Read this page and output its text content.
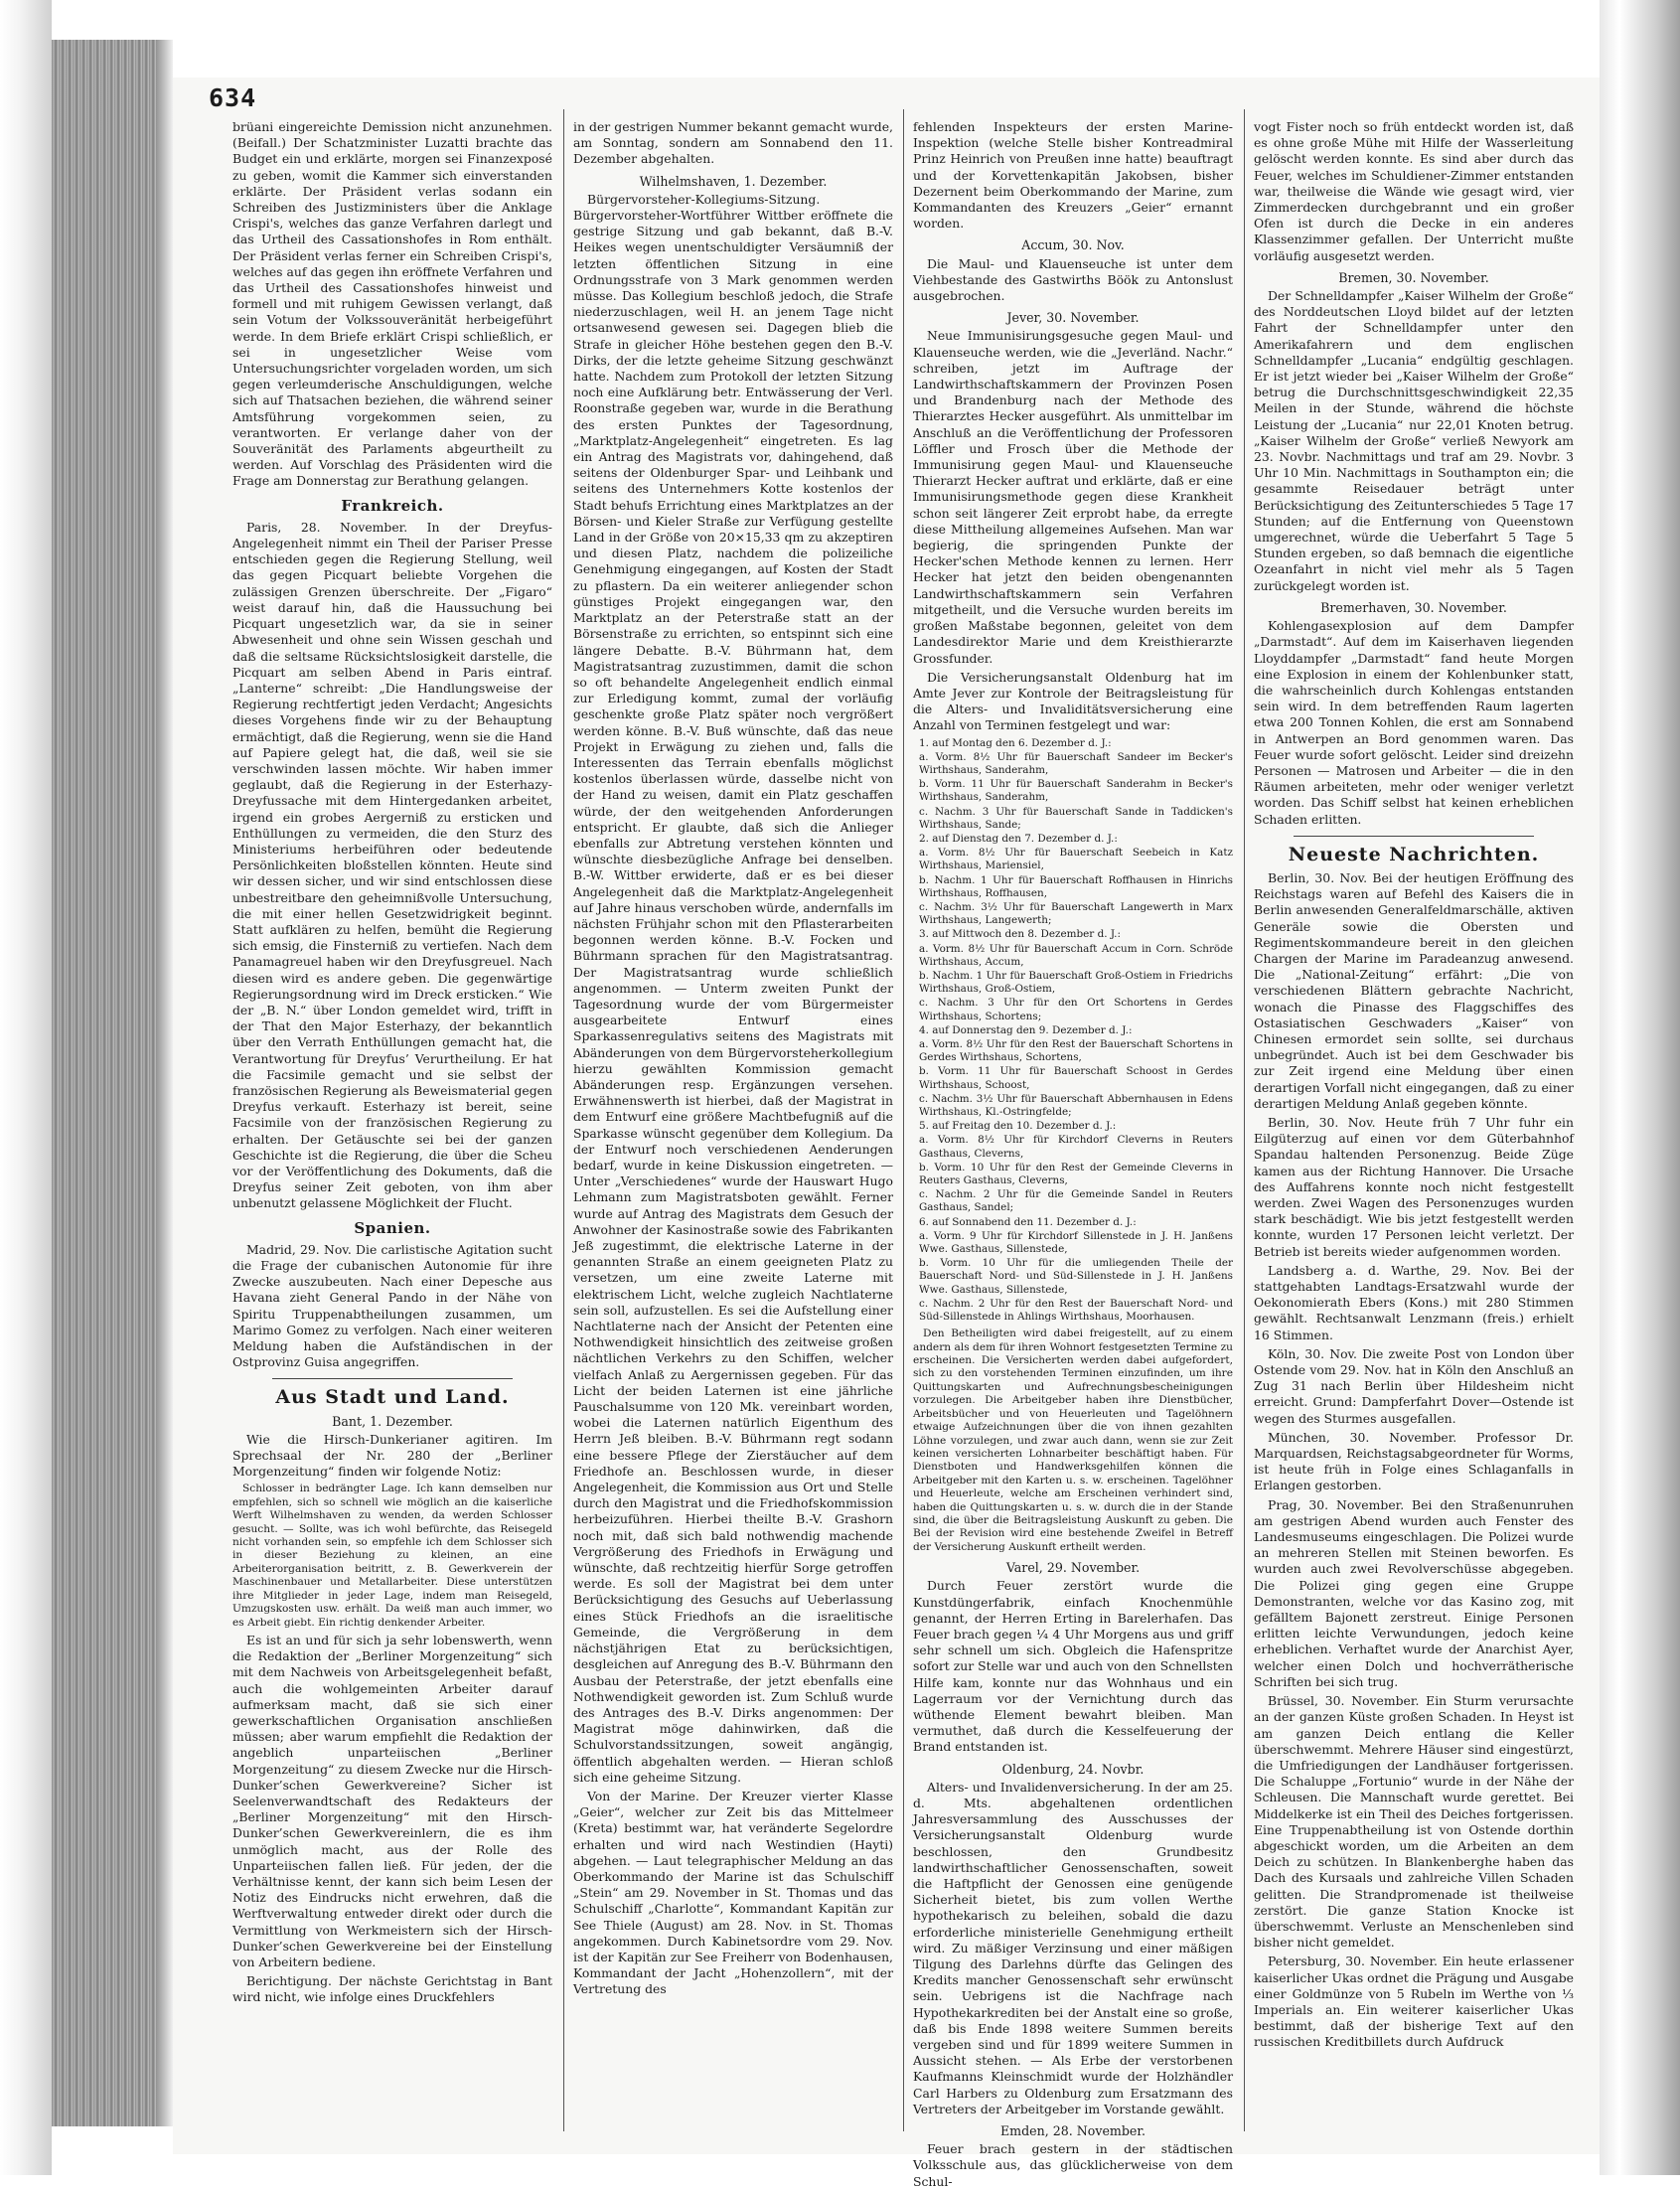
634

brüani eingereichte Demission nicht anzunehmen. (Beifall.) Der Schatzminister Luzatti brachte das Budget ein und erklärte, morgen sei Finanzexposé zu geben, womit die Kammer sich einverstanden erklärte. Der Präsident verlas sodann ein Schreiben des Justizministers über die Anklage Crispi's, welches das ganze Verfahren darlegt und das Urtheil des Cassationshofes in Rom enthält. Der Präsident verlas ferner ein Schreiben Crispi's, welches auf das gegen ihn eröffnete Verfahren und das Urtheil des Cassationshofes hinweist und formell und mit ruhigem Gewissen verlangt, daß sein Votum der Volkssouveränität herbeigeführt werde. In dem Briefe erklärt Crispi schließlich, er sei in ungesetzlicher Weise vom Untersuchungsrichter vorgeladen worden, um sich gegen verleumderische Anschuldigungen, welche sich auf Thatsachen beziehen, die während seiner Amtsführung vorgekommen seien, zu verantworten. Er verlange daher von der Souveränität des Parlaments abgeurtheilt zu werden. Auf Vorschlag des Präsidenten wird die Frage am Donnerstag zur Berathung gelangen.

Frankreich.

Paris, 28. November. In der Dreyfus-Angelegenheit nimmt ein Theil der Pariser Presse entschieden gegen die Regierung Stellung, weil das gegen Picquart beliebte Vorgehen die zulässigen Grenzen überschreite. Der „Figaro“ weist darauf hin, daß die Haussuchung bei Picquart ungesetzlich war, da sie in seiner Abwesenheit und ohne sein Wissen geschah und daß die seltsame Rücksichtslosigkeit darstelle, die Picquart am selben Abend in Paris eintraf. „Lanterne“ schreibt: „Die Handlungsweise der Regierung rechtfertigt jeden Verdacht; Angesichts dieses Vorgehens finde wir zu der Behauptung ermächtigt, daß die Regierung, wenn sie die Hand auf Papiere gelegt hat, die daß, weil sie sie verschwinden lassen möchte. Wir haben immer geglaubt, daß die Regierung in der Esterhazy-Dreyfussache mit dem Hintergedanken arbeitet, irgend ein grobes Aergerniß zu ersticken und Enthüllungen zu vermeiden, die den Sturz des Ministeriums herbeiführen oder bedeutende Persönlichkeiten bloßstellen könnten. Heute sind wir dessen sicher, und wir sind entschlossen diese unbestreitbare den geheimnißvolle Untersuchung, die mit einer hellen Gesetzwidrigkeit beginnt. Statt aufklären zu helfen, bemüht die Regierung sich emsig, die Finsterniß zu vertiefen. Nach dem Panamagreuel haben wir den Dreyfusgreuel. Nach diesen wird es andere geben. Die gegenwärtige Regierungsordnung wird im Dreck ersticken.“ Wie der „B. N.“ über London gemeldet wird, trifft in der That den Major Esterhazy, der bekanntlich über den Verrath Enthüllungen gemacht hat, die Verantwortung für Dreyfus’ Verurtheilung. Er hat die Facsimile gemacht und sie selbst der französischen Regierung als Beweismaterial gegen Dreyfus verkauft. Esterhazy ist bereit, seine Facsimile von der französischen Regierung zu erhalten. Der Getäuschte sei bei der ganzen Geschichte ist die Regierung, die über die Scheu vor der Veröffentlichung des Dokuments, daß die Dreyfus seiner Zeit geboten, von ihm aber unbenutzt gelassene Möglichkeit der Flucht.

Spanien.

Madrid, 29. Nov. Die carlistische Agitation sucht die Frage der cubanischen Autonomie für ihre Zwecke auszubeuten. Nach einer Depesche aus Havana zieht General Pando in der Nähe von Spiritu Truppenabtheilungen zusammen, um Marimo Gomez zu verfolgen. Nach einer weiteren Meldung haben die Aufständischen in der Ostprovinz Guisa angegriffen.

Aus Stadt und Land.
Bant, 1. Dezember.

Wie die Hirsch-Dunkerianer agitiren. Im Sprechsaal der Nr. 280 der „Berliner Morgenzeitung“ finden wir folgende Notiz:

Schlosser in bedrängter Lage. Ich kann demselben nur empfehlen, sich so schnell wie möglich an die kaiserliche Werft Wilhelmshaven zu wenden, da werden Schlosser gesucht. — Sollte, was ich wohl befürchte, das Reisegeld nicht vorhanden sein, so empfehle ich dem Schlosser sich in dieser Beziehung zu kleinen, an eine Arbeiterorganisation beitritt, z. B. Gewerkverein der Maschinenbauer und Metallarbeiter. Diese unterstützen ihre Mitglieder in jeder Lage, indem man Reisegeld, Umzugskosten usw. erhält. Da weiß man auch immer, wo es Arbeit giebt. Ein richtig denkender Arbeiter.

Es ist an und für sich ja sehr lobenswerth, wenn die Redaktion der „Berliner Morgenzeitung“ sich mit dem Nachweis von Arbeitsgelegenheit befaßt, auch die wohlgemeinten Arbeiter darauf aufmerksam macht, daß sie sich einer gewerkschaftlichen Organisation anschließen müssen; aber warum empfiehlt die Redaktion der angeblich unparteiischen „Berliner Morgenzeitung“ zu diesem Zwecke nur die Hirsch-Dunker’schen Gewerkvereine? Sicher ist Seelenverwandtschaft des Redakteurs der „Berliner Morgenzeitung“ mit den Hirsch-Dunker’schen Gewerkvereinlern, die es ihm unmöglich macht, aus der Rolle des Unparteiischen fallen ließ. Für jeden, der die Verhältnisse kennt, der kann sich beim Lesen der Notiz des Eindrucks nicht erwehren, daß die Werftverwaltung entweder direkt oder durch die Vermittlung von Werkmeistern sich der Hirsch-Dunker’schen Gewerkvereine bei der Einstellung von Arbeitern bediene.

Berichtigung. Der nächste Gerichtstag in Bant wird nicht, wie infolge eines Druckfehlers

in der gestrigen Nummer bekannt gemacht wurde, am Sonntag, sondern am Sonnabend den 11. Dezember abgehalten.

Wilhelmshaven, 1. Dezember.

Bürgervorsteher-Kollegiums-Sitzung. Bürgervorsteher-Wortführer Wittber eröffnete die gestrige Sitzung und gab bekannt, daß B.-V. Heikes wegen unentschuldigter Versäumniß der letzten öffentlichen Sitzung in eine Ordnungsstrafe von 3 Mark genommen werden müsse. Das Kollegium beschloß jedoch, die Strafe niederzuschlagen, weil H. an jenem Tage nicht ortsanwesend gewesen sei. Dagegen blieb die Strafe in gleicher Höhe bestehen gegen den B.-V. Dirks, der die letzte geheime Sitzung geschwänzt hatte. Nachdem zum Protokoll der letzten Sitzung noch eine Aufklärung betr. Entwässerung der Verl. Roonstraße gegeben war, wurde in die Berathung des ersten Punktes der Tagesordnung, „Marktplatz-Angelegenheit“ eingetreten. Es lag ein Antrag des Magistrats vor, dahingehend, daß seitens der Oldenburger Spar- und Leihbank und seitens des Unternehmers Kotte kostenlos der Stadt behufs Errichtung eines Marktplatzes an der Börsen- und Kieler Straße zur Verfügung gestellte Land in der Größe von 20×15,33 qm zu akzeptiren und diesen Platz, nachdem die polizeiliche Genehmigung eingegangen, auf Kosten der Stadt zu pflastern. Da ein weiterer anliegender schon günstiges Projekt eingegangen war, den Marktplatz an der Peterstraße statt an der Börsenstraße zu errichten, so entspinnt sich eine längere Debatte. B.-V. Bührmann hat, dem Magistratsantrag zuzustimmen, damit die schon so oft behandelte Angelegenheit endlich einmal zur Erledigung kommt, zumal der vorläufig geschenkte große Platz später noch vergrößert werden könne. B.-V. Buß wünschte, daß das neue Projekt in Erwägung zu ziehen und, falls die Interessenten das Terrain ebenfalls möglichst kostenlos überlassen würde, dasselbe nicht von der Hand zu weisen, damit ein Platz geschaffen würde, der den weitgehenden Anforderungen entspricht. Er glaubte, daß sich die Anlieger ebenfalls zur Abtretung verstehen könnten und wünschte diesbezügliche Anfrage bei denselben. B.-W. Wittber erwiderte, daß er es bei dieser Angelegenheit daß die Marktplatz-Angelegenheit auf Jahre hinaus verschoben würde, andernfalls im nächsten Frühjahr schon mit den Pflasterarbeiten begonnen werden könne. B.-V. Focken und Bührmann sprachen für den Magistratsantrag. Der Magistratsantrag wurde schließlich angenommen. — Unterm zweiten Punkt der Tagesordnung wurde der vom Bürgermeister ausgearbeitete Entwurf eines Sparkassenregulativs seitens des Magistrats mit Abänderungen von dem Bürgervorsteherkollegium hierzu gewählten Kommission gemacht Abänderungen resp. Ergänzungen versehen. Erwähnenswerth ist hierbei, daß der Magistrat in dem Entwurf eine größere Machtbefugniß auf die Sparkasse wünscht gegenüber dem Kollegium. Da der Entwurf noch verschiedenen Aenderungen bedarf, wurde in keine Diskussion eingetreten. — Unter „Verschiedenes“ wurde der Hauswart Hugo Lehmann zum Magistratsboten gewählt. Ferner wurde auf Antrag des Magistrats dem Gesuch der Anwohner der Kasinostraße sowie des Fabrikanten Jeß zugestimmt, die elektrische Laterne in der genannten Straße an einem geeigneten Platz zu versetzen, um eine zweite Laterne mit elektrischem Licht, welche zugleich Nachtlaterne sein soll, aufzustellen. Es sei die Aufstellung einer Nachtlaterne nach der Ansicht der Petenten eine Nothwendigkeit hinsichtlich des zeitweise großen nächtlichen Verkehrs zu den Schiffen, welcher vielfach Anlaß zu Aergernissen gegeben. Für das Licht der beiden Laternen ist eine jährliche Pauschalsumme von 120 Mk. vereinbart worden, wobei die Laternen natürlich Eigenthum des Herrn Jeß bleiben. B.-V. Bührmann regt sodann eine bessere Pflege der Zierstäucher auf dem Friedhofe an. Beschlossen wurde, in dieser Angelegenheit, die Kommission aus Ort und Stelle durch den Magistrat und die Friedhofskommission herbeizuführen. Hierbei theilte B.-V. Grashorn noch mit, daß sich bald nothwendig machende Vergrößerung des Friedhofs in Erwägung und wünschte, daß rechtzeitig hierfür Sorge getroffen werde. Es soll der Magistrat bei dem unter Berücksichtigung des Gesuchs auf Ueberlassung eines Stück Friedhofs an die israelitische Gemeinde, die Vergrößerung in dem nächstjährigen Etat zu berücksichtigen, desgleichen auf Anregung des B.-V. Bührmann den Ausbau der Peterstraße, der jetzt ebenfalls eine Nothwendigkeit geworden ist. Zum Schluß wurde des Antrages des B.-V. Dirks angenommen: Der Magistrat möge dahinwirken, daß die Schulvorstandssitzungen, soweit angängig, öffentlich abgehalten werden. — Hieran schloß sich eine geheime Sitzung.

Von der Marine. Der Kreuzer vierter Klasse „Geier“, welcher zur Zeit bis das Mittelmeer (Kreta) bestimmt war, hat veränderte Segelordre erhalten und wird nach Westindien (Hayti) abgehen. — Laut telegraphischer Meldung an das Oberkommando der Marine ist das Schulschiff „Stein“ am 29. November in St. Thomas und das Schulschiff „Charlotte“, Kommandant Kapitän zur See Thiele (August) am 28. Nov. in St. Thomas angekommen. Durch Kabinetsordre vom 29. Nov. ist der Kapitän zur See Freiherr von Bodenhausen, Kommandant der Jacht „Hohenzollern“, mit der Vertretung des

fehlenden Inspekteurs der ersten Marine-Inspektion (welche Stelle bisher Kontreadmiral Prinz Heinrich von Preußen inne hatte) beauftragt und der Korvettenkapitän Jakobsen, bisher Dezernent beim Oberkommando der Marine, zum Kommandanten des Kreuzers „Geier“ ernannt worden.

Accum, 30. Nov.

Die Maul- und Klauenseuche ist unter dem Viehbestande des Gastwirths Böök zu Antonslust ausgebrochen.

Jever, 30. November.

Neue Immunisirungsgesuche gegen Maul- und Klauenseuche werden, wie die „Jeverländ. Nachr.“ schreiben, jetzt im Auftrage der Landwirthschaftskammern der Provinzen Posen und Brandenburg nach der Methode des Thierarztes Hecker ausgeführt. Als unmittelbar im Anschluß an die Veröffentlichung der Professoren Löffler und Frosch über die Methode der Immunisirung gegen Maul- und Klauenseuche Thierarzt Hecker auftrat und erklärte, daß er eine Immunisirungsmethode gegen diese Krankheit schon seit längerer Zeit erprobt habe, da erregte diese Mittheilung allgemeines Aufsehen. Man war begierig, die springenden Punkte der Hecker'schen Methode kennen zu lernen. Herr Hecker hat jetzt den beiden obengenannten Landwirthschaftskammern sein Verfahren mitgetheilt, und die Versuche wurden bereits im großen Maßstabe begonnen, geleitet von dem Landesdirektor Marie und dem Kreisthierarzte Grossfunder.

Die Versicherungsanstalt Oldenburg hat im Amte Jever zur Kontrole der Beitragsleistung für die Alters- und Invaliditätsversicherung eine Anzahl von Terminen festgelegt und war:

1. auf Montag den 6. Dezember d. J.:
a. Vorm. 8½ Uhr für Bauerschaft Sandeer im Becker's Wirthshaus, Sanderahm,
b. Vorm. 11 Uhr für Bauerschaft Sanderahm in Becker's Wirthshaus, Sanderahm,
c. Nachm. 3 Uhr für Bauerschaft Sande in Taddicken's Wirthshaus, Sande;
2. auf Dienstag den 7. Dezember d. J.:
a. Vorm. 8½ Uhr für Bauerschaft Seebeich in Katz Wirthshaus, Mariensiel,
b. Nachm. 1 Uhr für Bauerschaft Roffhausen in Hinrichs Wirthshaus, Roffhausen,
c. Nachm. 3½ Uhr für Bauerschaft Langewerth in Marx Wirthshaus, Langewerth;
3. auf Mittwoch den 8. Dezember d. J.:
a. Vorm. 8½ Uhr für Bauerschaft Accum in Corn. Schröde Wirthshaus, Accum,
b. Nachm. 1 Uhr für Bauerschaft Groß-Ostiem in Friedrichs Wirthshaus, Groß-Ostiem,
c. Nachm. 3 Uhr für den Ort Schortens in Gerdes Wirthshaus, Schortens;
4. auf Donnerstag den 9. Dezember d. J.:
a. Vorm. 8½ Uhr für den Rest der Bauerschaft Schortens in Gerdes Wirthshaus, Schortens,
b. Vorm. 11 Uhr für Bauerschaft Schoost in Gerdes Wirthshaus, Schoost,
c. Nachm. 3½ Uhr für Bauerschaft Abbernhausen in Edens Wirthshaus, Kl.-Ostringfelde;
5. auf Freitag den 10. Dezember d. J.:
a. Vorm. 8½ Uhr für Kirchdorf Cleverns in Reuters Gasthaus, Cleverns,
b. Vorm. 10 Uhr für den Rest der Gemeinde Cleverns in Reuters Gasthaus, Cleverns,
c. Nachm. 2 Uhr für die Gemeinde Sandel in Reuters Gasthaus, Sandel;
6. auf Sonnabend den 11. Dezember d. J.:
a. Vorm. 9 Uhr für Kirchdorf Sillenstede in J. H. Janßens Wwe. Gasthaus, Sillenstede,
b. Vorm. 10 Uhr für die umliegenden Theile der Bauerschaft Nord- und Süd-Sillenstede in J. H. Janßens Wwe. Gasthaus, Sillenstede,
c. Nachm. 2 Uhr für den Rest der Bauerschaft Nord- und Süd-Sillenstede in Ahlings Wirthshaus, Moorhausen.

Den Betheiligten wird dabei freigestellt, auf zu einem andern als dem für ihren Wohnort festgesetzten Termine zu erscheinen. Die Versicherten werden dabei aufgefordert, sich zu den vorstehenden Terminen einzufinden, um ihre Quittungskarten und Aufrechnungsbescheinigungen vorzulegen. Die Arbeitgeber haben ihre Dienstbücher, Arbeitsbücher und von Heuerleuten und Tagelöhnern etwaige Aufzeichnungen über die von ihnen gezahlten Löhne vorzulegen, und zwar auch dann, wenn sie zur Zeit keinen versicherten Lohnarbeiter beschäftigt haben. Für Dienstboten und Handwerksgehilfen können die Arbeitgeber mit den Karten u. s. w. erscheinen. Tagelöhner und Heuerleute, welche am Erscheinen verhindert sind, haben die Quittungskarten u. s. w. durch die in der Stande sind, die über die Beitragsleistung Auskunft zu geben. Die Bei der Revision wird eine bestehende Zweifel in Betreff der Versicherung Auskunft ertheilt werden.

Varel, 29. November.

Durch Feuer zerstört wurde die Kunstdüngerfabrik, einfach Knochenmühle genannt, der Herren Erting in Barelerhafen. Das Feuer brach gegen ¼ 4 Uhr Morgens aus und griff sehr schnell um sich. Obgleich die Hafenspritze sofort zur Stelle war und auch von den Schnellsten Hilfe kam, konnte nur das Wohnhaus und ein Lagerraum vor der Vernichtung durch das wüthende Element bewahrt bleiben. Man vermuthet, daß durch die Kesselfeuerung der Brand entstanden ist.

Oldenburg, 24. Novbr.

Alters- und Invalidenversicherung. In der am 25. d. Mts. abgehaltenen ordentlichen Jahresversammlung des Ausschusses der Versicherungsanstalt Oldenburg wurde beschlossen, den Grundbesitz landwirthschaftlicher Genossenschaften, soweit die Haftpflicht der Genossen eine genügende Sicherheit bietet, bis zum vollen Werthe hypothekarisch zu beleihen, sobald die dazu erforderliche ministerielle Genehmigung ertheilt wird. Zu mäßiger Verzinsung und einer mäßigen Tilgung des Darlehns dürfte das Gelingen des Kredits mancher Genossenschaft sehr erwünscht sein. Uebrigens ist die Nachfrage nach Hypothekarkrediten bei der Anstalt eine so große, daß bis Ende 1898 weitere Summen bereits vergeben sind und für 1899 weitere Summen in Aussicht stehen. — Als Erbe der verstorbenen Kaufmanns Kleinschmidt wurde der Holzhändler Carl Harbers zu Oldenburg zum Ersatzmann des Vertreters der Arbeitgeber im Vorstande gewählt.

Emden, 28. November.

Feuer brach gestern in der städtischen Volksschule aus, das glücklicherweise von dem Schul-

vogt Fister noch so früh entdeckt worden ist, daß es ohne große Mühe mit Hilfe der Wasserleitung gelöscht werden konnte. Es sind aber durch das Feuer, welches im Schuldiener-Zimmer entstanden war, theilweise die Wände wie gesagt wird, vier Zimmerdecken durchgebrannt und ein großer Ofen ist durch die Decke in ein anderes Klassenzimmer gefallen. Der Unterricht mußte vorläufig ausgesetzt werden.

Bremen, 30. November.

Der Schnelldampfer „Kaiser Wilhelm der Große“ des Norddeutschen Lloyd bildet auf der letzten Fahrt der Schnelldampfer unter den Amerikafahrern und dem englischen Schnelldampfer „Lucania“ endgültig geschlagen. Er ist jetzt wieder bei „Kaiser Wilhelm der Große“ betrug die Durchschnittsgeschwindigkeit 22,35 Meilen in der Stunde, während die höchste Leistung der „Lucania“ nur 22,01 Knoten betrug. „Kaiser Wilhelm der Große“ verließ Newyork am 23. Novbr. Nachmittags und traf am 29. Novbr. 3 Uhr 10 Min. Nachmittags in Southampton ein; die gesammte Reisedauer beträgt unter Berücksichtigung des Zeitunterschiedes 5 Tage 17 Stunden; auf die Entfernung von Queenstown umgerechnet, würde die Ueberfahrt 5 Tage 5 Stunden ergeben, so daß bemnach die eigentliche Ozeanfahrt in nicht viel mehr als 5 Tagen zurückgelegt worden ist.

Bremerhaven, 30. November.

Kohlengasexplosion auf dem Dampfer „Darmstadt“. Auf dem im Kaiserhaven liegenden Lloyddampfer „Darmstadt“ fand heute Morgen eine Explosion in einem der Kohlenbunker statt, die wahrscheinlich durch Kohlengas entstanden sein wird. In dem betreffenden Raum lagerten etwa 200 Tonnen Kohlen, die erst am Sonnabend in Antwerpen an Bord genommen waren. Das Feuer wurde sofort gelöscht. Leider sind dreizehn Personen — Matrosen und Arbeiter — die in den Räumen arbeiteten, mehr oder weniger verletzt worden. Das Schiff selbst hat keinen erheblichen Schaden erlitten.

Neueste Nachrichten.

Berlin, 30. Nov. Bei der heutigen Eröffnung des Reichstags waren auf Befehl des Kaisers die in Berlin anwesenden Generalfeldmarschälle, aktiven Generäle sowie die Obersten und Regimentskommandeure bereit in den gleichen Chargen der Marine im Paradeanzug anwesend. Die „National-Zeitung“ erfährt: „Die von verschiedenen Blättern gebrachte Nachricht, wonach die Pinasse des Flaggschiffes des Ostasiatischen Geschwaders „Kaiser“ von Chinesen ermordet sein sollte, sei durchaus unbegründet. Auch ist bei dem Geschwader bis zur Zeit irgend eine Meldung über einen derartigen Vorfall nicht eingegangen, daß zu einer derartigen Meldung Anlaß gegeben könnte.

Berlin, 30. Nov. Heute früh 7 Uhr fuhr ein Eilgüterzug auf einen vor dem Güterbahnhof Spandau haltenden Personenzug. Beide Züge kamen aus der Richtung Hannover. Die Ursache des Auffahrens konnte noch nicht festgestellt werden. Zwei Wagen des Personenzuges wurden stark beschädigt. Wie bis jetzt festgestellt werden konnte, wurden 17 Personen leicht verletzt. Der Betrieb ist bereits wieder aufgenommen worden.

Landsberg a. d. Warthe, 29. Nov. Bei der stattgehabten Landtags-Ersatzwahl wurde der Oekonomierath Ebers (Kons.) mit 280 Stimmen gewählt. Rechtsanwalt Lenzmann (freis.) erhielt 16 Stimmen.

Köln, 30. Nov. Die zweite Post von London über Ostende vom 29. Nov. hat in Köln den Anschluß an Zug 31 nach Berlin über Hildesheim nicht erreicht. Grund: Dampferfahrt Dover—Ostende ist wegen des Sturmes ausgefallen.

München, 30. November. Professor Dr. Marquardsen, Reichstagsabgeordneter für Worms, ist heute früh in Folge eines Schlaganfalls in Erlangen gestorben.

Prag, 30. November. Bei den Straßenunruhen am gestrigen Abend wurden auch Fenster des Landesmuseums eingeschlagen. Die Polizei wurde an mehreren Stellen mit Steinen beworfen. Es wurden auch zwei Revolverschüsse abgegeben. Die Polizei ging gegen eine Gruppe Demonstranten, welche vor das Kasino zog, mit gefälltem Bajonett zerstreut. Einige Personen erlitten leichte Verwundungen, jedoch keine erheblichen. Verhaftet wurde der Anarchist Ayer, welcher einen Dolch und hochverrätherische Schriften bei sich trug.

Brüssel, 30. November. Ein Sturm verursachte an der ganzen Küste großen Schaden. In Heyst ist am ganzen Deich entlang die Keller überschwemmt. Mehrere Häuser sind eingestürzt, die Umfriedigungen der Landhäuser fortgerissen. Die Schaluppe „Fortunio“ wurde in der Nähe der Schleusen. Die Mannschaft wurde gerettet. Bei Middelkerke ist ein Theil des Deiches fortgerissen. Eine Truppenabtheilung ist von Ostende dorthin abgeschickt worden, um die Arbeiten an dem Deich zu schützen. In Blankenberghe haben das Dach des Kursaals und zahlreiche Villen Schaden gelitten. Die Strandpromenade ist theilweise zerstört. Die ganze Station Knocke ist überschwemmt. Verluste an Menschenleben sind bisher nicht gemeldet.

Petersburg, 30. November. Ein heute erlassener kaiserlicher Ukas ordnet die Prägung und Ausgabe einer Goldmünze von 5 Rubeln im Werthe von ⅓ Imperials an. Ein weiterer kaiserlicher Ukas bestimmt, daß der bisherige Text auf den russischen Kreditbillets durch Aufdruck
